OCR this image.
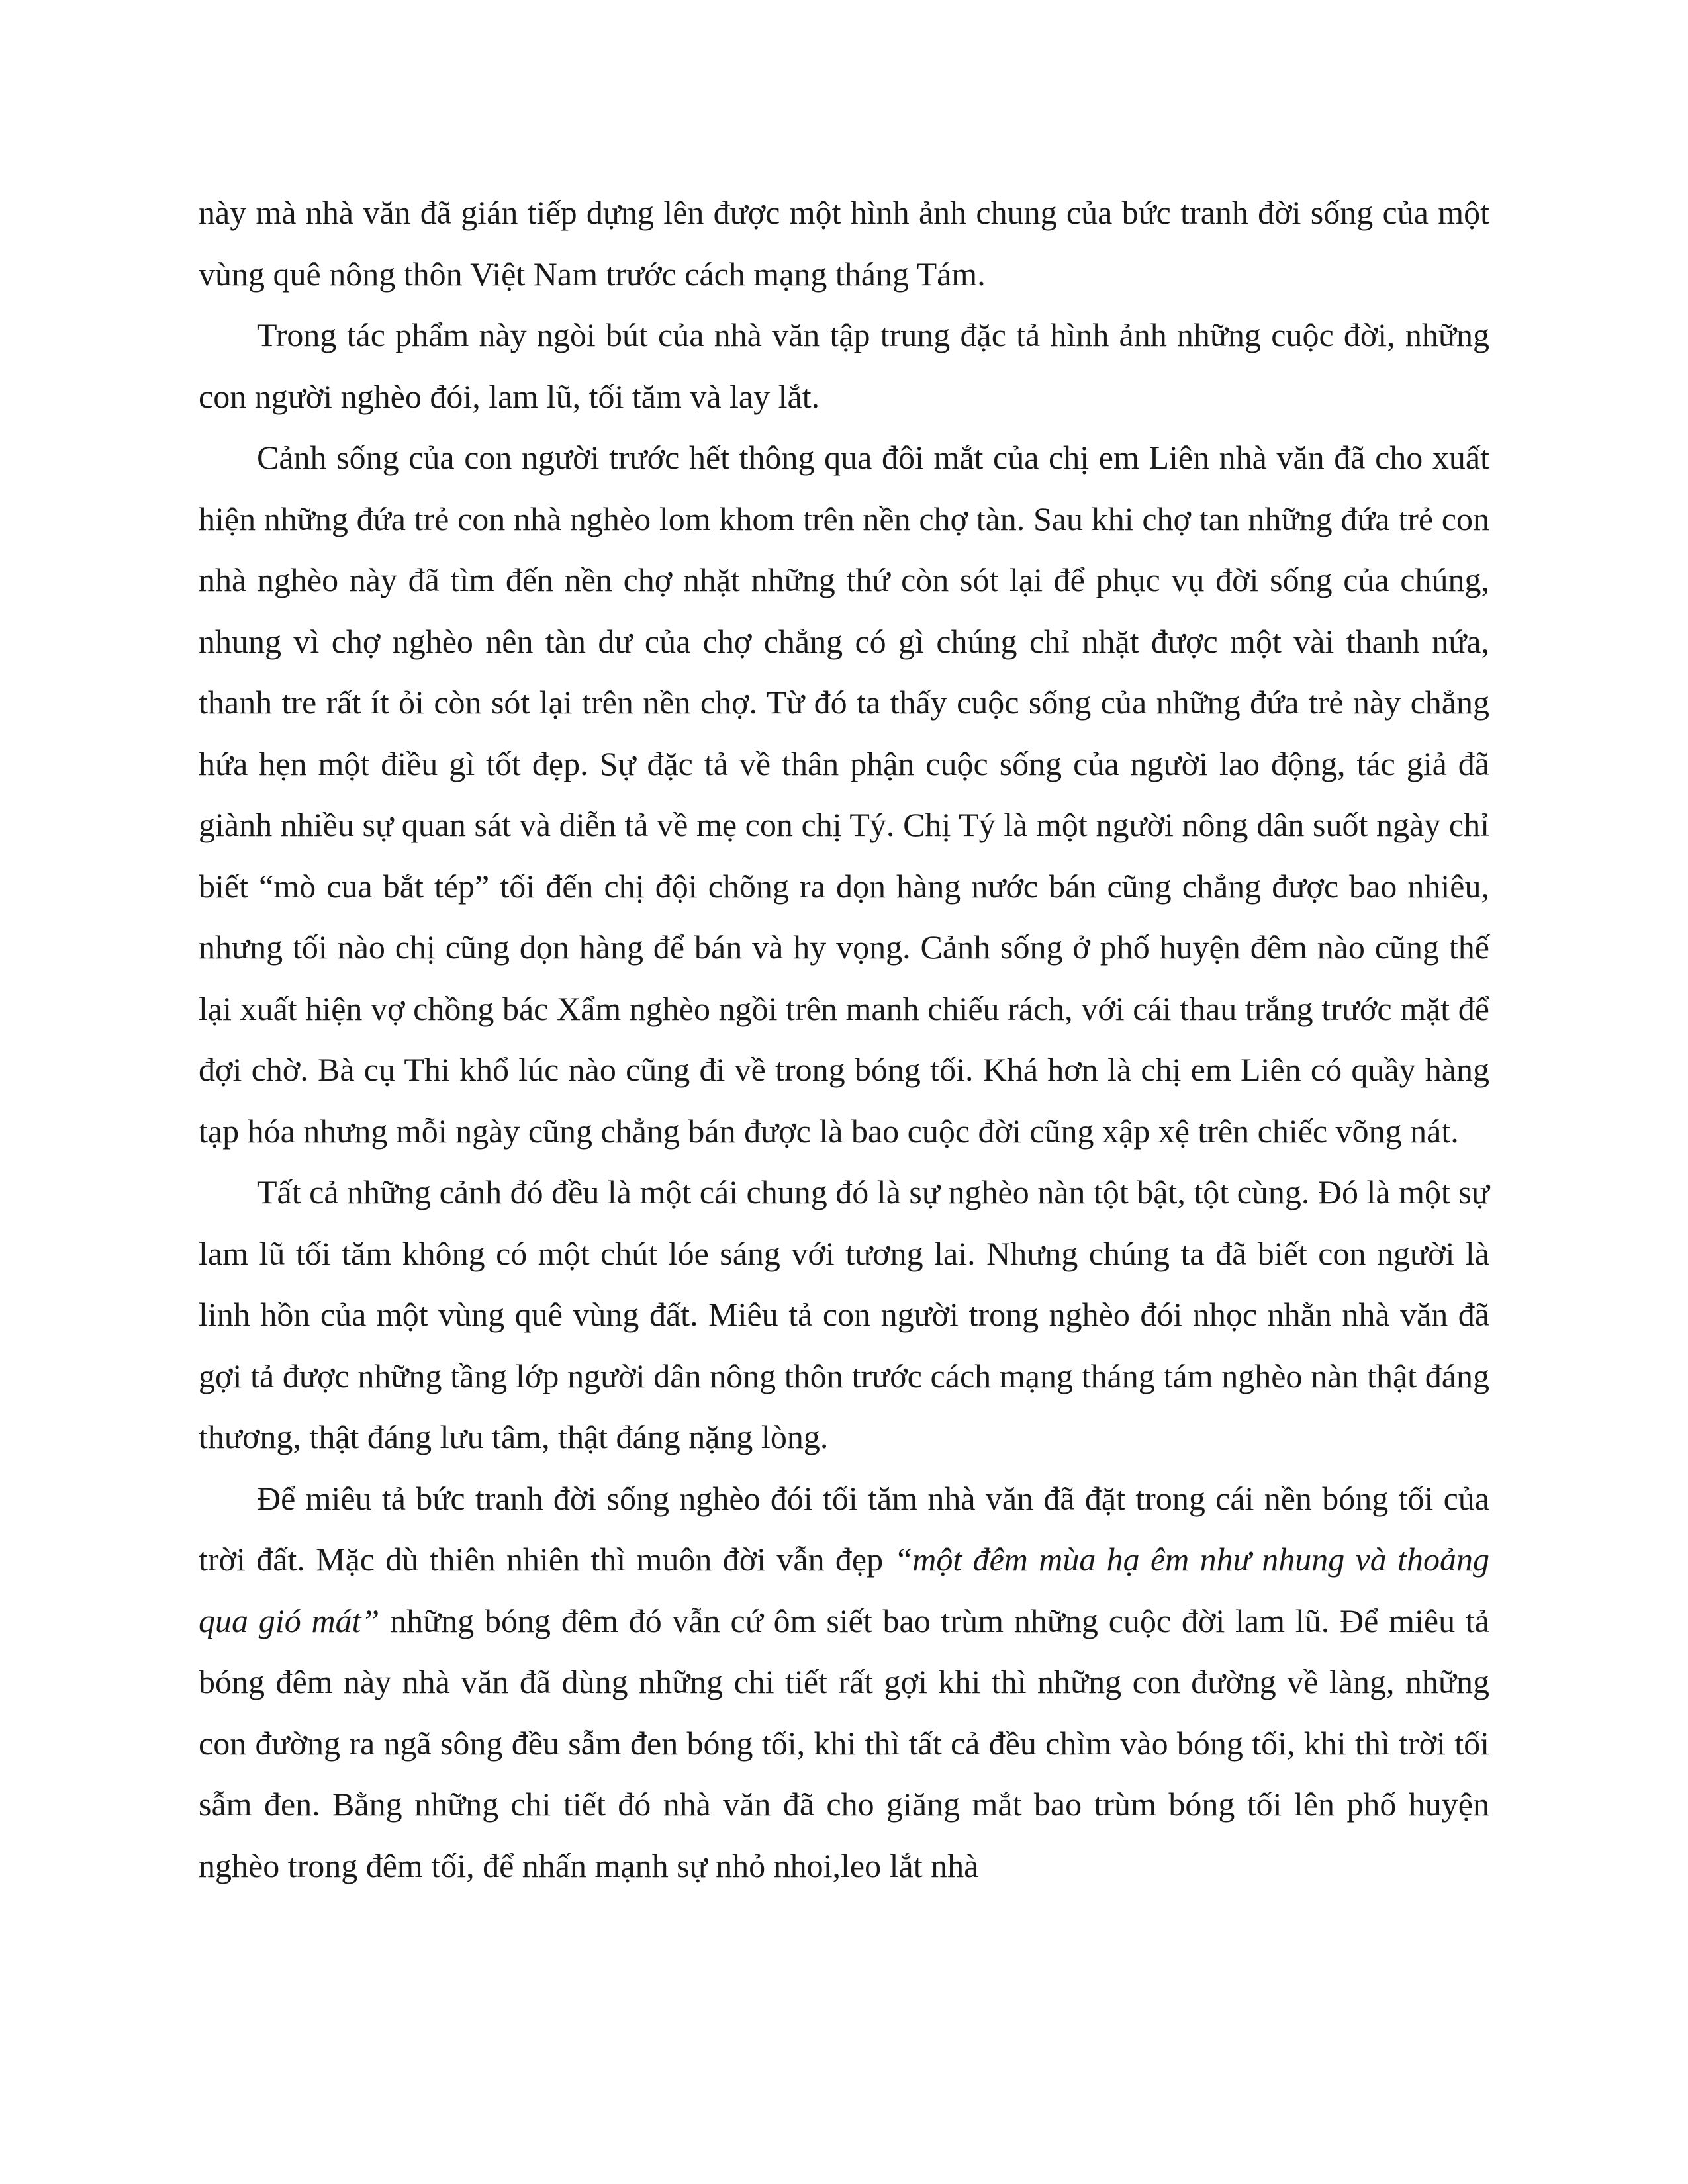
này mà nhà văn đã gián tiếp dựng lên được một hình ảnh chung của bức tranh đời sống của một vùng quê nông thôn Việt Nam trước cách mạng tháng Tám.

Trong tác phẩm này ngòi bút của nhà văn tập trung đặc tả hình ảnh những cuộc đời, những con người nghèo đói, lam lũ, tối tăm và lay lắt.

Cảnh sống của con người trước hết thông qua đôi mắt của chị em Liên nhà văn đã cho xuất hiện những đứa trẻ con nhà nghèo lom khom trên nền chợ tàn. Sau khi chợ tan những đứa trẻ con nhà nghèo này đã tìm đến nền chợ nhặt những thứ còn sót lại để phục vụ đời sống của chúng, nhung vì chợ nghèo nên tàn dư của chợ chẳng có gì chúng chỉ nhặt được một vài thanh nứa, thanh tre rất ít ỏi còn sót lại trên nền chợ. Từ đó ta thấy cuộc sống của những đứa trẻ này chẳng hứa hẹn một điều gì tốt đẹp. Sự đặc tả về thân phận cuộc sống của người lao động, tác giả đã giành nhiều sự quan sát và diễn tả về mẹ con chị Tý. Chị Tý là một người nông dân suốt ngày chỉ biết “mò cua bắt tép” tối đến chị đội chõng ra dọn hàng nước bán cũng chẳng được bao nhiêu, nhưng tối nào chị cũng dọn hàng để bán và hy vọng. Cảnh sống ở phố huyện đêm nào cũng thế lại xuất hiện vợ chồng bác Xẩm nghèo ngồi trên manh chiếu rách, với cái thau trắng trước mặt để đợi chờ. Bà cụ Thi khổ lúc nào cũng đi về trong bóng tối. Khá hơn là chị em Liên có quầy hàng tạp hóa nhưng mỗi ngày cũng chẳng bán được là bao cuộc đời cũng xập xệ trên chiếc võng nát.

Tất cả những cảnh đó đều là một cái chung đó là sự nghèo nàn tột bật, tột cùng. Đó là một sự lam lũ tối tăm không có một chút lóe sáng với tương lai. Nhưng chúng ta đã biết con người là linh hồn của một vùng quê vùng đất. Miêu tả con người trong nghèo đói nhọc nhằn nhà văn đã gợi tả được những tầng lớp người dân nông thôn trước cách mạng tháng tám nghèo nàn thật đáng thương, thật đáng lưu tâm, thật đáng nặng lòng.

Để miêu tả bức tranh đời sống nghèo đói tối tăm nhà văn đã đặt trong cái nền bóng tối của trời đất. Mặc dù thiên nhiên thì muôn đời vẫn đẹp “một đêm mùa hạ êm như nhung và thoảng qua gió mát” những bóng đêm đó vẫn cứ ôm siết bao trùm những cuộc đời lam lũ. Để miêu tả bóng đêm này nhà văn đã dùng những chi tiết rất gợi khi thì những con đường về làng, những con đường ra ngã sông đều sẫm đen bóng tối, khi thì tất cả đều chìm vào bóng tối, khi thì trời tối sẫm đen. Bằng những chi tiết đó nhà văn đã cho giăng mắt bao trùm bóng tối lên phố huyện nghèo trong đêm tối, để nhấn mạnh sự nhỏ nhoi,leo lắt nhà
